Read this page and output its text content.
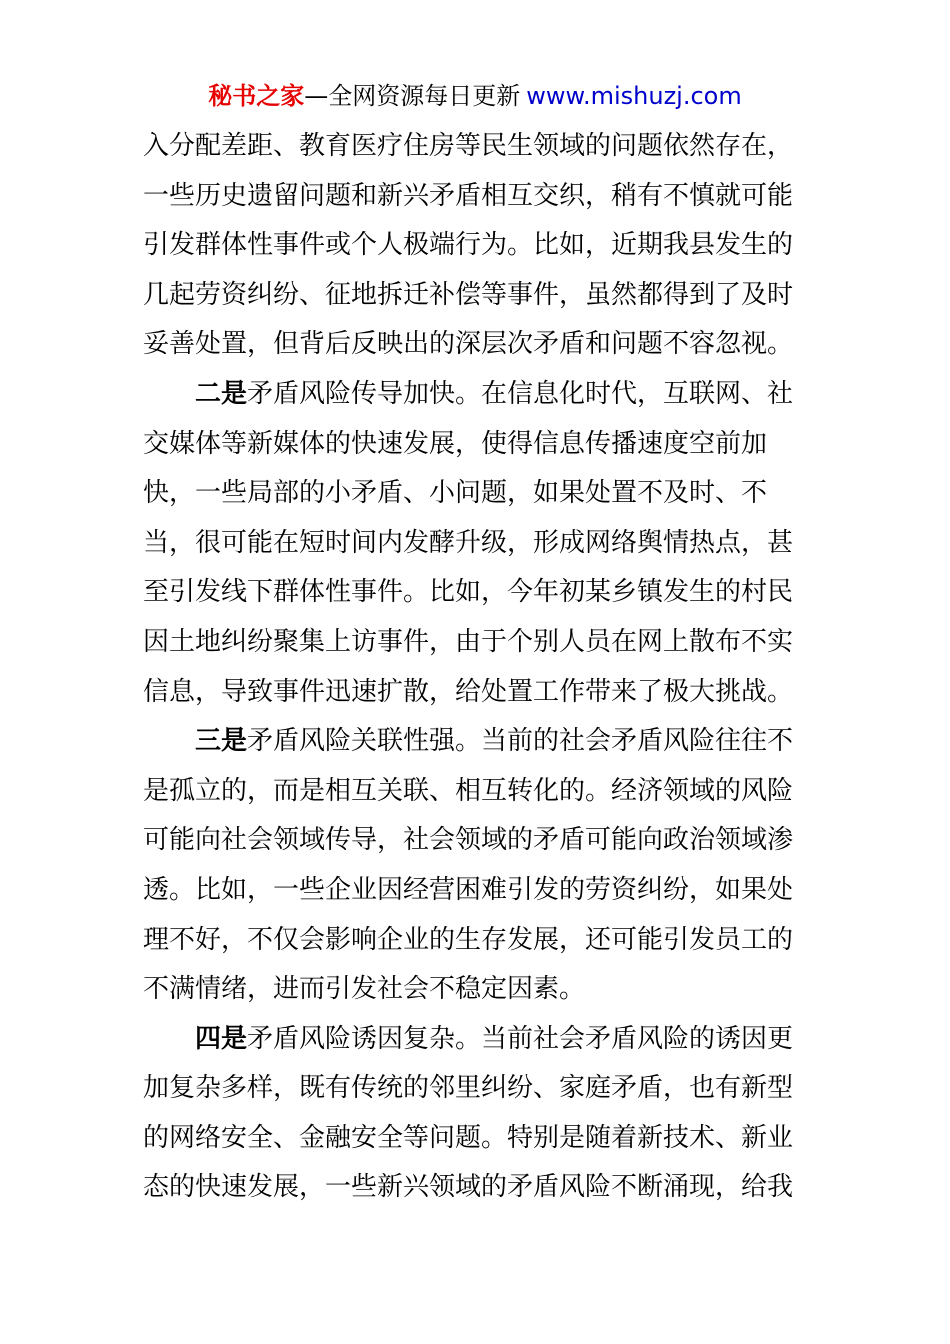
秘书之家—全网资源每日更新 www.mishuzj.com
入分配差距、教育医疗住房等民生领域的问题依然存在，
一些历史遗留问题和新兴矛盾相互交织，稍有不慎就可能
引发群体性事件或个人极端行为。比如，近期我县发生的
几起劳资纠纷、征地拆迁补偿等事件，虽然都得到了及时
妥善处置，但背后反映出的深层次矛盾和问题不容忽视。
二是矛盾风险传导加快。在信息化时代，互联网、社
交媒体等新媒体的快速发展，使得信息传播速度空前加
快，一些局部的小矛盾、小问题，如果处置不及时、不
当，很可能在短时间内发酵升级，形成网络舆情热点，甚
至引发线下群体性事件。比如，今年初某乡镇发生的村民
因土地纠纷聚集上访事件，由于个别人员在网上散布不实
信息，导致事件迅速扩散，给处置工作带来了极大挑战。
三是矛盾风险关联性强。当前的社会矛盾风险往往不
是孤立的，而是相互关联、相互转化的。经济领域的风险
可能向社会领域传导，社会领域的矛盾可能向政治领域渗
透。比如，一些企业因经营困难引发的劳资纠纷，如果处
理不好，不仅会影响企业的生存发展，还可能引发员工的
不满情绪，进而引发社会不稳定因素。
四是矛盾风险诱因复杂。当前社会矛盾风险的诱因更
加复杂多样，既有传统的邻里纠纷、家庭矛盾，也有新型
的网络安全、金融安全等问题。特别是随着新技术、新业
态的快速发展，一些新兴领域的矛盾风险不断涌现，给我
